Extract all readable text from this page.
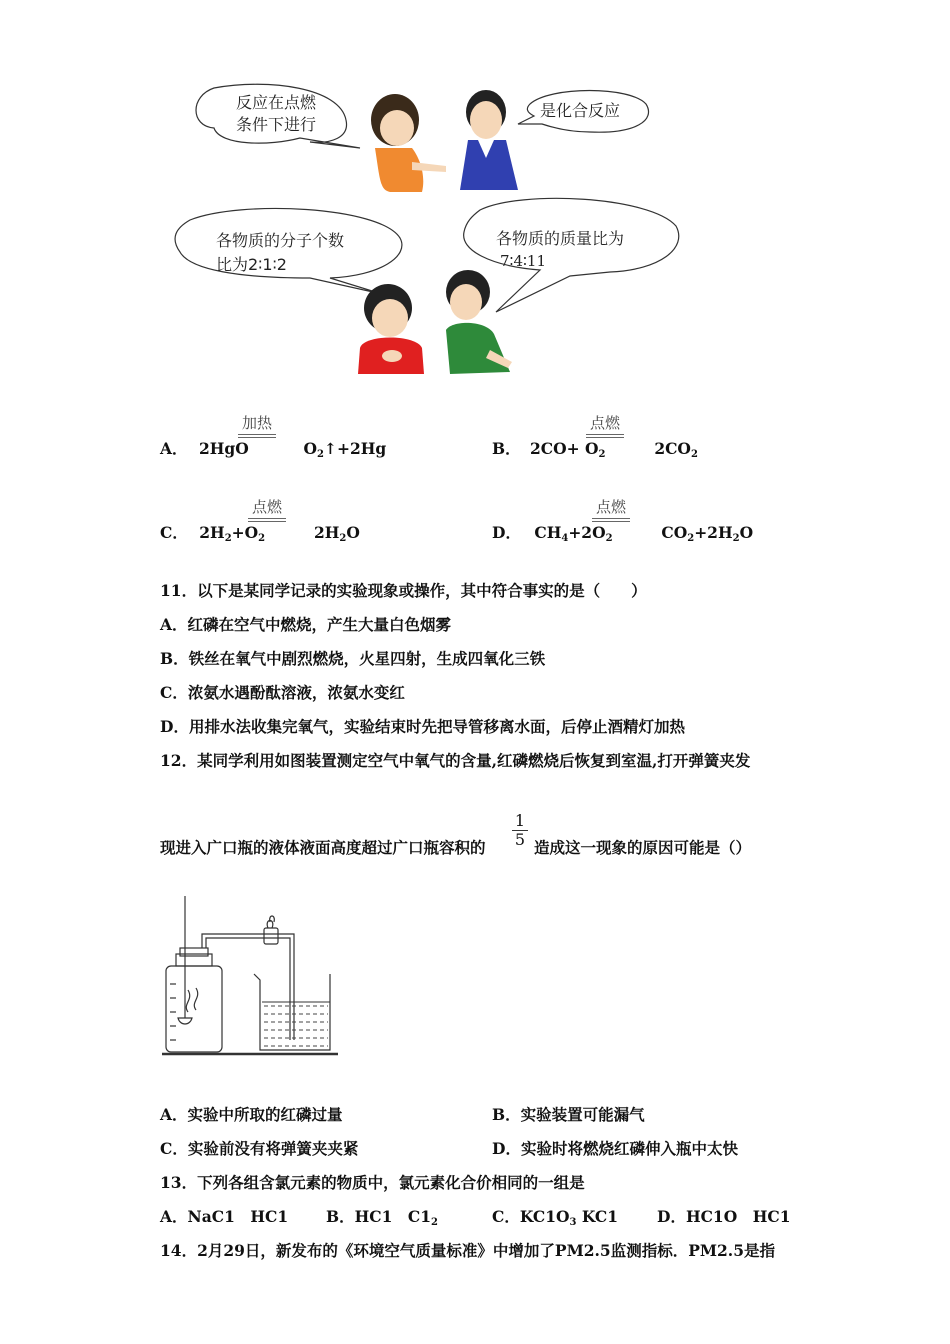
反应在点燃
条件下进行
是化合反应
各物质的分子个数
比为2∶1∶2
各物质的质量比为
7∶4∶11
A． 2HgO	$O_2↑+2Hg$
加热
B． $2CO+ O_2$	$2CO_2$
点燃
C． $2H_2+O_2$	$2H_2O$
点燃
D． $CH_4+2O_2$	$CO_2+2H_2O$
点燃
11．以下是某同学记录的实验现象或操作，其中符合事实的是（　　）
A．红磷在空气中燃烧，产生大量白色烟雾
B．铁丝在氧气中剧烈燃烧，火星四射，生成四氧化三铁
C．浓氨水遇酚酞溶液，浓氨水变红
D．用排水法收集完氧气，实验结束时先把导管移离水面，后停止酒精灯加热
12．某同学利用如图装置测定空气中氧气的含量,红磷燃烧后恢复到室温,打开弹簧夹发
现进入广口瓶的液体液面高度超过广口瓶容积的
1
5 造成这一现象的原因可能是（）
A．实验中所取的红磷过量	B．实验装置可能漏气
C．实验前没有将弹簧夹夹紧	D．实验时将燃烧红磷伸入瓶中太快
13．下列各组含氯元素的物质中，氯元素化合价相同的一组是
A．NaC1　HC1 B．HC1　$C1_2$	C．$KC1O_3$ KC1	D．HC1O　HC1
14．2月29日，新发布的《环境空气质量标准》中增加了PM2.5监测指标．PM2.5是指
